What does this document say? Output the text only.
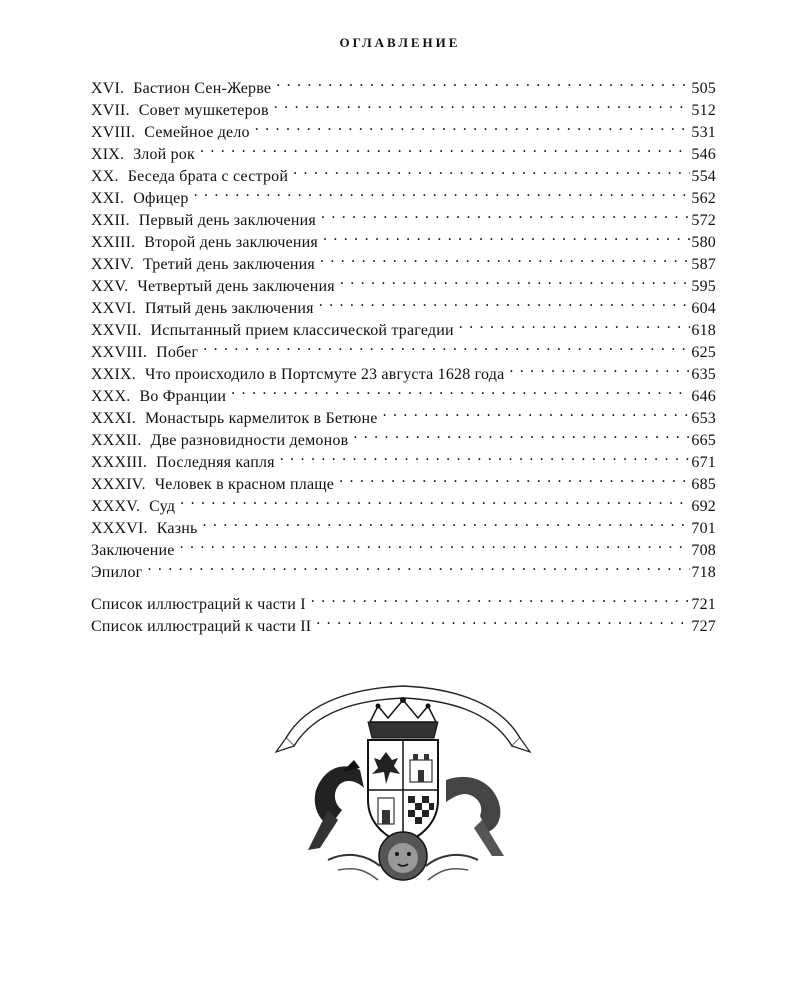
ОГЛАВЛЕНИЕ
XVI. Бастион Сен-Жерве . . .	505
XVII. Совет мушкетеров . . .	512
XVIII. Семейное дело . . .	531
XIX. Злой рок . . .	546
XX. Беседа брата с сестрой . . .	554
XXI. Офицер . . .	562
XXII. Первый день заключения . . .	572
XXIII. Второй день заключения . . .	580
XXIV. Третий день заключения . . .	587
XXV. Четвертый день заключения . . .	595
XXVI. Пятый день заключения . . .	604
XXVII. Испытанный прием классической трагедии . . .	618
XXVIII. Побег . . .	625
XXIX. Что происходило в Портсмуте 23 августа 1628 года . . .	635
XXX. Во Франции . . .	646
XXXI. Монастырь кармелиток в Бетюне . . .	653
XXXII. Две разновидности демонов . . .	665
XXXIII. Последняя капля . . .	671
XXXIV. Человек в красном плаще . . .	685
XXXV. Суд . . .	692
XXXVI. Казнь . . .	701
Заключение . . .	708
Эпилог . . .	718
Список иллюстраций к части I . . .	721
Список иллюстраций к части II . . .	727
